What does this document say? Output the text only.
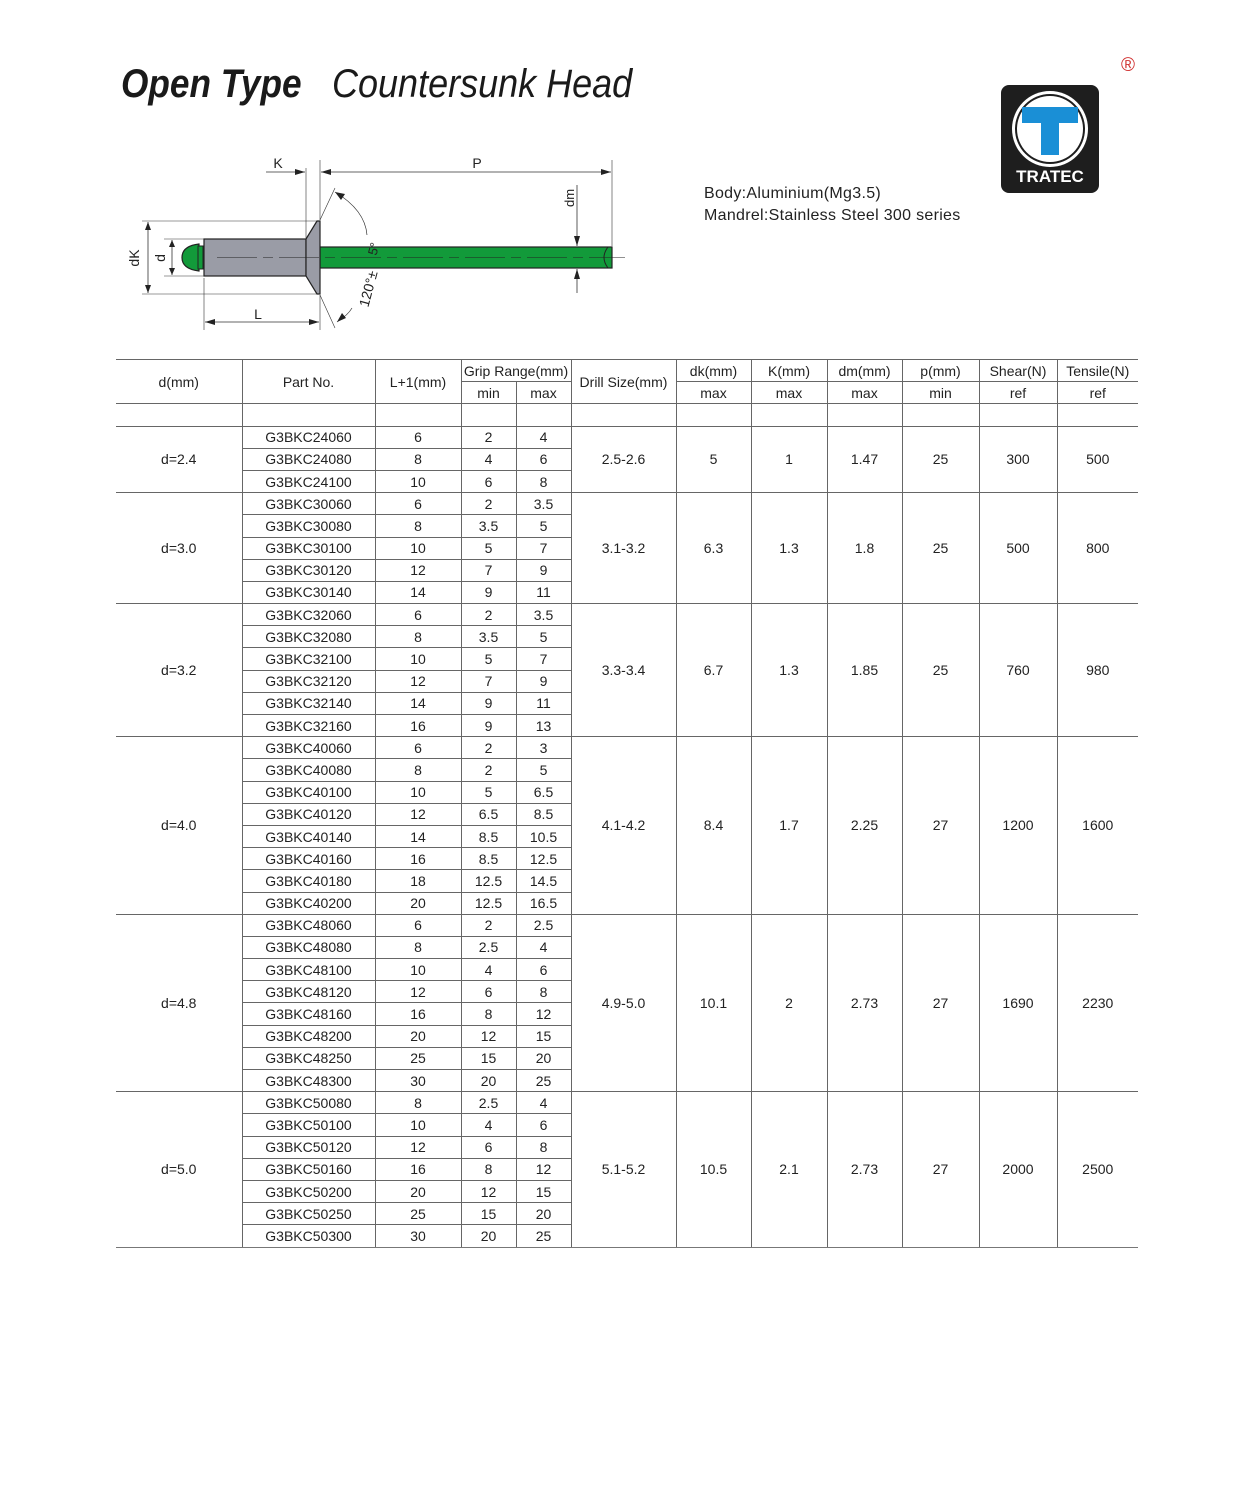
Open Type Countersunk Head
dK d
L
K	P
dm
5°
120°±
Body:Aluminium(Mg3.5)
Mandrel:Stainless Steel 300 series
®
TRATEC
d(mm)	Part No.	L+1(mm)	Grip Range(mm)		Drill Size(mm)	dk(mm)	K(mm)	dm(mm)	p(mm)	Shear(N)	Tensile(N)
			min	max		max	max	max	min	ref	ref

d=2.4	G3BKC24060	6	2	4	2.5-2.6	5	1	1.47	25	300	500
	G3BKC24080	8	4	6							
	G3BKC24100	10	6	8							
d=3.0	G3BKC30060	6	2	3.5	3.1-3.2	6.3	1.3	1.8	25	500	800
	G3BKC30080	8	3.5	5							
	G3BKC30100	10	5	7							
	G3BKC30120	12	7	9							
	G3BKC30140	14	9	11							
d=3.2	G3BKC32060	6	2	3.5	3.3-3.4	6.7	1.3	1.85	25	760	980
	G3BKC32080	8	3.5	5							
	G3BKC32100	10	5	7							
	G3BKC32120	12	7	9							
	G3BKC32140	14	9	11							
	G3BKC32160	16	9	13							
d=4.0	G3BKC40060	6	2	3	4.1-4.2	8.4	1.7	2.25	27	1200	1600
	G3BKC40080	8	2	5							
	G3BKC40100	10	5	6.5							
	G3BKC40120	12	6.5	8.5							
	G3BKC40140	14	8.5	10.5							
	G3BKC40160	16	8.5	12.5							
	G3BKC40180	18	12.5	14.5							
	G3BKC40200	20	12.5	16.5							
d=4.8	G3BKC48060	6	2	2.5	4.9-5.0	10.1	2	2.73	27	1690	2230
	G3BKC48080	8	2.5	4							
	G3BKC48100	10	4	6							
	G3BKC48120	12	6	8							
	G3BKC48160	16	8	12							
	G3BKC48200	20	12	15							
	G3BKC48250	25	15	20							
	G3BKC48300	30	20	25							
d=5.0	G3BKC50080	8	2.5	4	5.1-5.2	10.5	2.1	2.73	27	2000	2500
	G3BKC50100	10	4	6							
	G3BKC50120	12	6	8							
	G3BKC50160	16	8	12							
	G3BKC50200	20	12	15							
	G3BKC50250	25	15	20							
	G3BKC50300	30	20	25							
